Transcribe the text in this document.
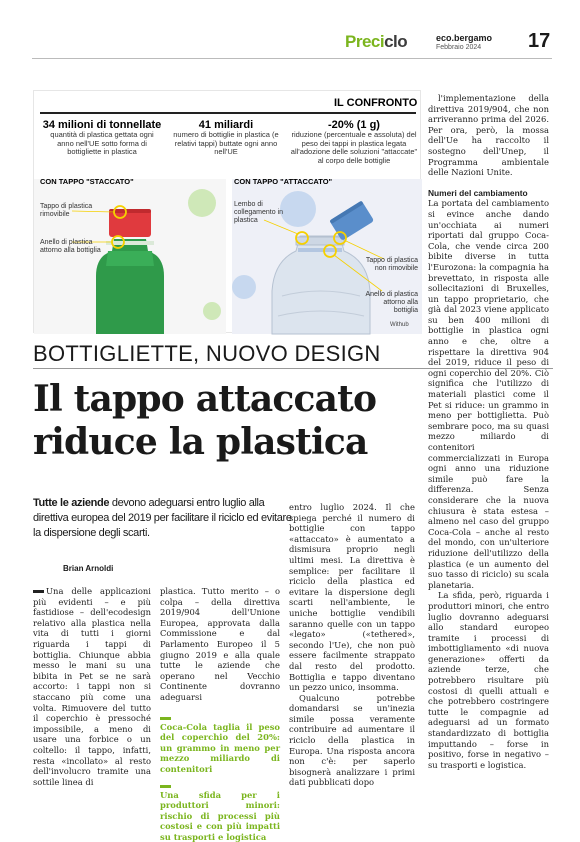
Preciclo	eco.bergamo
Febbraio 2024	17
IL CONFRONTO
34 milioni di tonnellate
quantità di plastica gettata ogni anno nell'UE sotto forma di bottigliette in plastica
41 miliardi
numero di bottiglie in plastica (e relativi tappi) buttate ogni anno nell'UE
-20% (1 g)
riduzione (percentuale e assoluta) del peso dei tappi in plastica legata all'adozione delle soluzioni "attaccate" al corpo delle bottiglie
CON TAPPO "STACCATO"	CON TAPPO "ATTACCATO"
Tappo di plastica rimovibile
Anello di plastica attorno alla bottiglia
Lembo di collegamento in plastica
Tappo di plastica non rimovibile
Anello di plastica attorno alla bottiglia
Withub
BOTTIGLIETTE, NUOVO DESIGN
Il tappo attaccato riduce la plastica
Tutte le aziende devono adeguarsi entro luglio alla direttiva europea del 2019 per facilitare il riciclo ed evitare la dispersione degli scarti.
Brian Arnoldi

Una delle applicazioni più evidenti – e più fastidiose – dell'ecodesign relativo alla plastica nella vita di tutti i giorni riguarda i tappi di bottiglia. Chiunque abbia messo le mani su una bibita in Pet se ne sarà accorto: i tappi non si staccano più come una volta. Rimuovere del tutto il coperchio è pressoché impossibile, a meno di usare una forbice o un coltello: il tappo, infatti, resta «incollato» al resto dell'involucro tramite una sottile linea di

plastica. Tutto merito – o colpa – della direttiva 2019/904 dell'Unione Europea, approvata dalla Commissione e dal Parlamento Europeo il 5 giugno 2019 e alla quale tutte le aziende che operano nel Vecchio Continente dovranno adeguarsi

Coca-Cola taglia il peso del coperchio del 20%: un grammo in meno per mezzo miliardo di contenitori
Una sfida per i produttori minori: rischio di processi più costosi e con più impatti su trasporti e logistica

entro luglio 2024. Il che spiega perché il numero di bottiglie con tappo «attaccato» è aumentato a dismisura proprio negli ultimi mesi. La direttiva è semplice: per facilitare il riciclo della plastica ed evitare la dispersione degli scarti nell'ambiente, le uniche bottiglie vendibili saranno quelle con un tappo «legato» («tethered», secondo l'Ue), che non può essere facilmente strappato dal resto del prodotto. Bottiglia e tappo diventano un pezzo unico, insomma.

Qualcuno potrebbe domandarsi se un'inezia simile possa veramente contribuire ad aumentare il riciclo della plastica in Europa. Una risposta ancora non c'è: per saperlo bisognerà analizzare i primi dati pubblicati dopo

l'implementazione della direttiva 2019/904, che non arriveranno prima del 2026. Per ora, però, la mossa dell'Ue ha raccolto il sostegno dell'Unep, il Programma ambientale delle Nazioni Unite.

Numeri del cambiamento

La portata del cambiamento si evince anche dando un'occhiata ai numeri riportati dal gruppo Coca-Cola, che vende circa 200 bibite diverse in tutta l'Eurozona: la compagnia ha brevettato, in risposta alle sollecitazioni di Bruxelles, un tappo proprietario, che già dal 2023 viene applicato su ben 400 milioni di bottiglie in plastica ogni anno e che, oltre a rispettare la direttiva 904 del 2019, riduce il peso di ogni coperchio del 20%. Ciò significa che l'utilizzo di materiali plastici come il Pet si riduce: un grammo in meno per bottiglietta. Può sembrare poco, ma su quasi mezzo miliardo di contenitori commercializzati in Europa ogni anno una riduzione simile può fare la differenza. Senza considerare che la nuova chiusura è stata estesa – almeno nel caso del gruppo Coca-Cola – anche al resto del mondo, con un'ulteriore riduzione dell'utilizzo della plastica (e un aumento del suo tasso di riciclo) su scala planetaria.

La sfida, però, riguarda i produttori minori, che entro luglio dovranno adeguarsi allo standard europeo tramite i processi di imbottigliamento «di nuova generazione» offerti da aziende terze, che potrebbero risultare più costosi di quelli attuali e che potrebbero costringere tutte le compagnie ad adeguarsi ad un formato standardizzato di bottiglia imputtando – forse in positivo, forse in negativo – su trasporti e logistica.
